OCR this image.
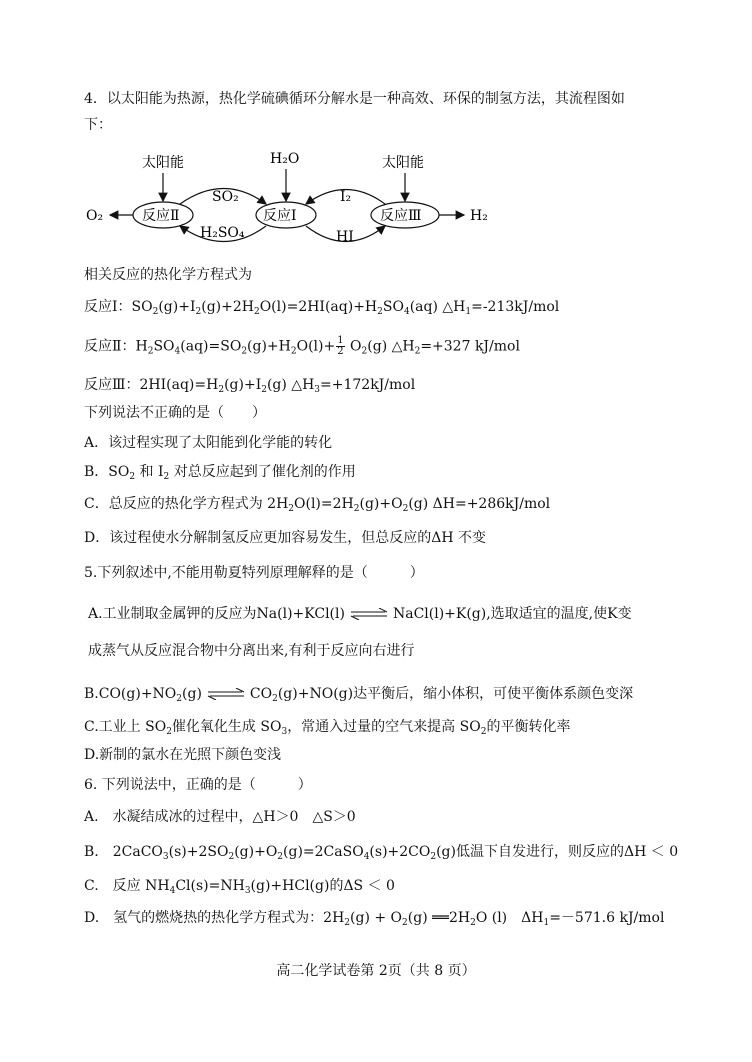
4．以太阳能为热源，热化学硫碘循环分解水是一种高效、环保的制氢方法，其流程图如
下：
太阳能	H₂O	太阳能
反应Ⅱ	反应Ⅰ	反应Ⅲ
O₂	H₂
SO₂
H₂SO₄
I₂
HI
相关反应的热化学方程式为
反应Ⅰ：$SO_2(g)+I_2(g)+2H_2O(l)=2HI(aq)+H_2SO_4(aq)$ $\triangle H_1=-213kJ$/mol
反应Ⅱ：$H_2SO_4(aq)=SO_2(g)+H_2O(l)+ \frac{1}{2} O_2(g)$ $\triangle H_2=+327$ kJ/mol
反应Ⅲ：$2HI(aq)=H_2(g)+I_2(g)$ $\triangle H_3=+172kJ$/mol
下列说法不正确的是（　　）
A．该过程实现了太阳能到化学能的转化
B．$SO_2$ 和 $I_2$ 对总反应起到了催化剂的作用
C．总反应的热化学方程式为 $2H_2O(l)=2H_2(g)+O_2(g)$ ΔH=+286kJ/mol
D．该过程使水分解制氢反应更加容易发生，但总反应的ΔH 不变
5.下列叙述中,不能用勒夏特列原理解释的是（　　　）
A.工业制取金属钾的反应为Na(l)+KCl(l) ⇌ NaCl(l)+K(g),选取适宜的温度,使K变
成蒸气从反应混合物中分离出来,有利于反应向右进行
$B.CO(g)+NO_2(g)$ ⇌ $CO_2(g)+NO(g)$达平衡后，缩小体积，可使平衡体系颜色变深
C.工业上 $SO_2$催化氧化生成 $SO_3$，常通入过量的空气来提高 $SO_2$的平衡转化率
D.新制的氯水在光照下颜色变浅
6. 下列说法中，正确的是（　　　）
A.　水凝结成冰的过程中，△H＞0　△S＞0
B.　$2CaCO_3(s)+2SO_2(g)+O_2(g)=2CaSO_4(s)+2CO_2(g)$低温下自发进行，则反应的ΔH ＜ 0
C.　反应 $NH_4Cl(s)=NH_3(g)+HCl(g)$的ΔS ＜ 0
D.　氢气的燃烧热的热化学方程式为：$2H_2(g) + O_2(g)$ $══2H_2O$ (l)　$\Delta H_1=-571.6$ kJ/mol
高二化学试卷第 2页（共 8 页）
